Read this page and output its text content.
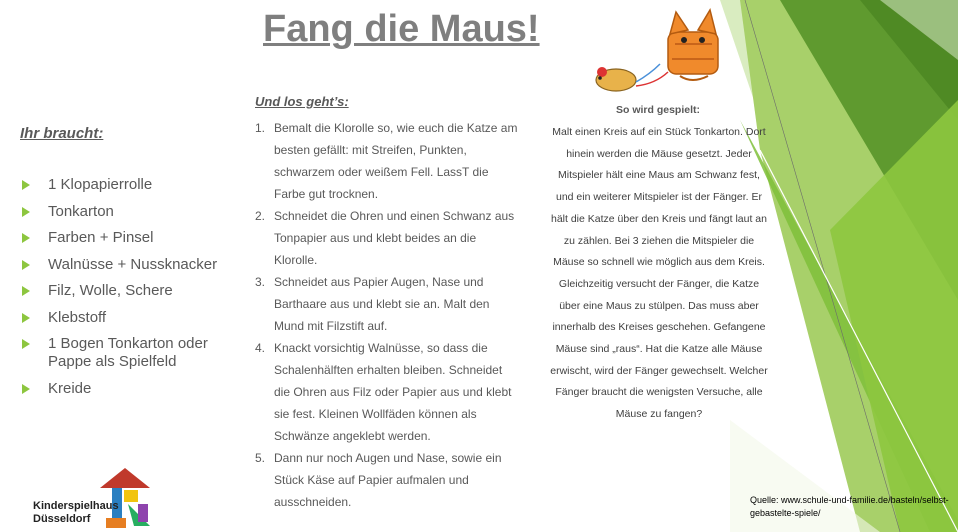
Fang die Maus!
Ihr braucht:
1 Klopapierrolle
Tonkarton
Farben + Pinsel
Walnüsse + Nussknacker
Filz, Wolle, Schere
Klebstoff
1 Bogen Tonkarton oder Pappe als Spielfeld
Kreide
Und los geht’s:
1. Bemalt die Klorolle so, wie euch die Katze am besten gefällt: mit Streifen, Punkten, schwarzem oder weißem Fell. LassT die Farbe gut trocknen.
2. Schneidet die Ohren und einen Schwanz aus Tonpapier aus und klebt beides an die Klorolle.
3. Schneidet aus Papier Augen, Nase und Barthaare aus und klebt sie an. Malt den Mund mit Filzstift auf.
4. Knackt vorsichtig Walnüsse, so dass die Schalenhälften erhalten bleiben. Schneidet die Ohren aus Filz oder Papier aus und klebt sie fest. Kleinen Wollfäden können als Schwänze angeklebt werden.
5. Dann nur noch Augen und Nase, sowie ein Stück Käse auf Papier aufmalen und ausschneiden.
So wird gespielt:

Malt einen Kreis auf ein Stück Tonkarton. Dort hinein werden die Mäuse gesetzt. Jeder Mitspieler hält eine Maus am Schwanz fest, und ein weiterer Mitspieler ist der Fänger. Er hält die Katze über den Kreis und fängt laut an zu zählen. Bei 3 ziehen die Mitspieler die Mäuse so schnell wie möglich aus dem Kreis. Gleichzeitig versucht der Fänger, die Katze über eine Maus zu stülpen. Das muss aber innerhalb des Kreises geschehen. Gefangene Mäuse sind „raus“. Hat die Katze alle Mäuse erwischt, wird der Fänger gewechselt. Welcher Fänger braucht die wenigsten Versuche, alle Mäuse zu fangen?

Kinderspielhaus
Düsseldorf
Quelle: www.schule-und-familie.de/basteln/selbst-gebastelte-spiele/
